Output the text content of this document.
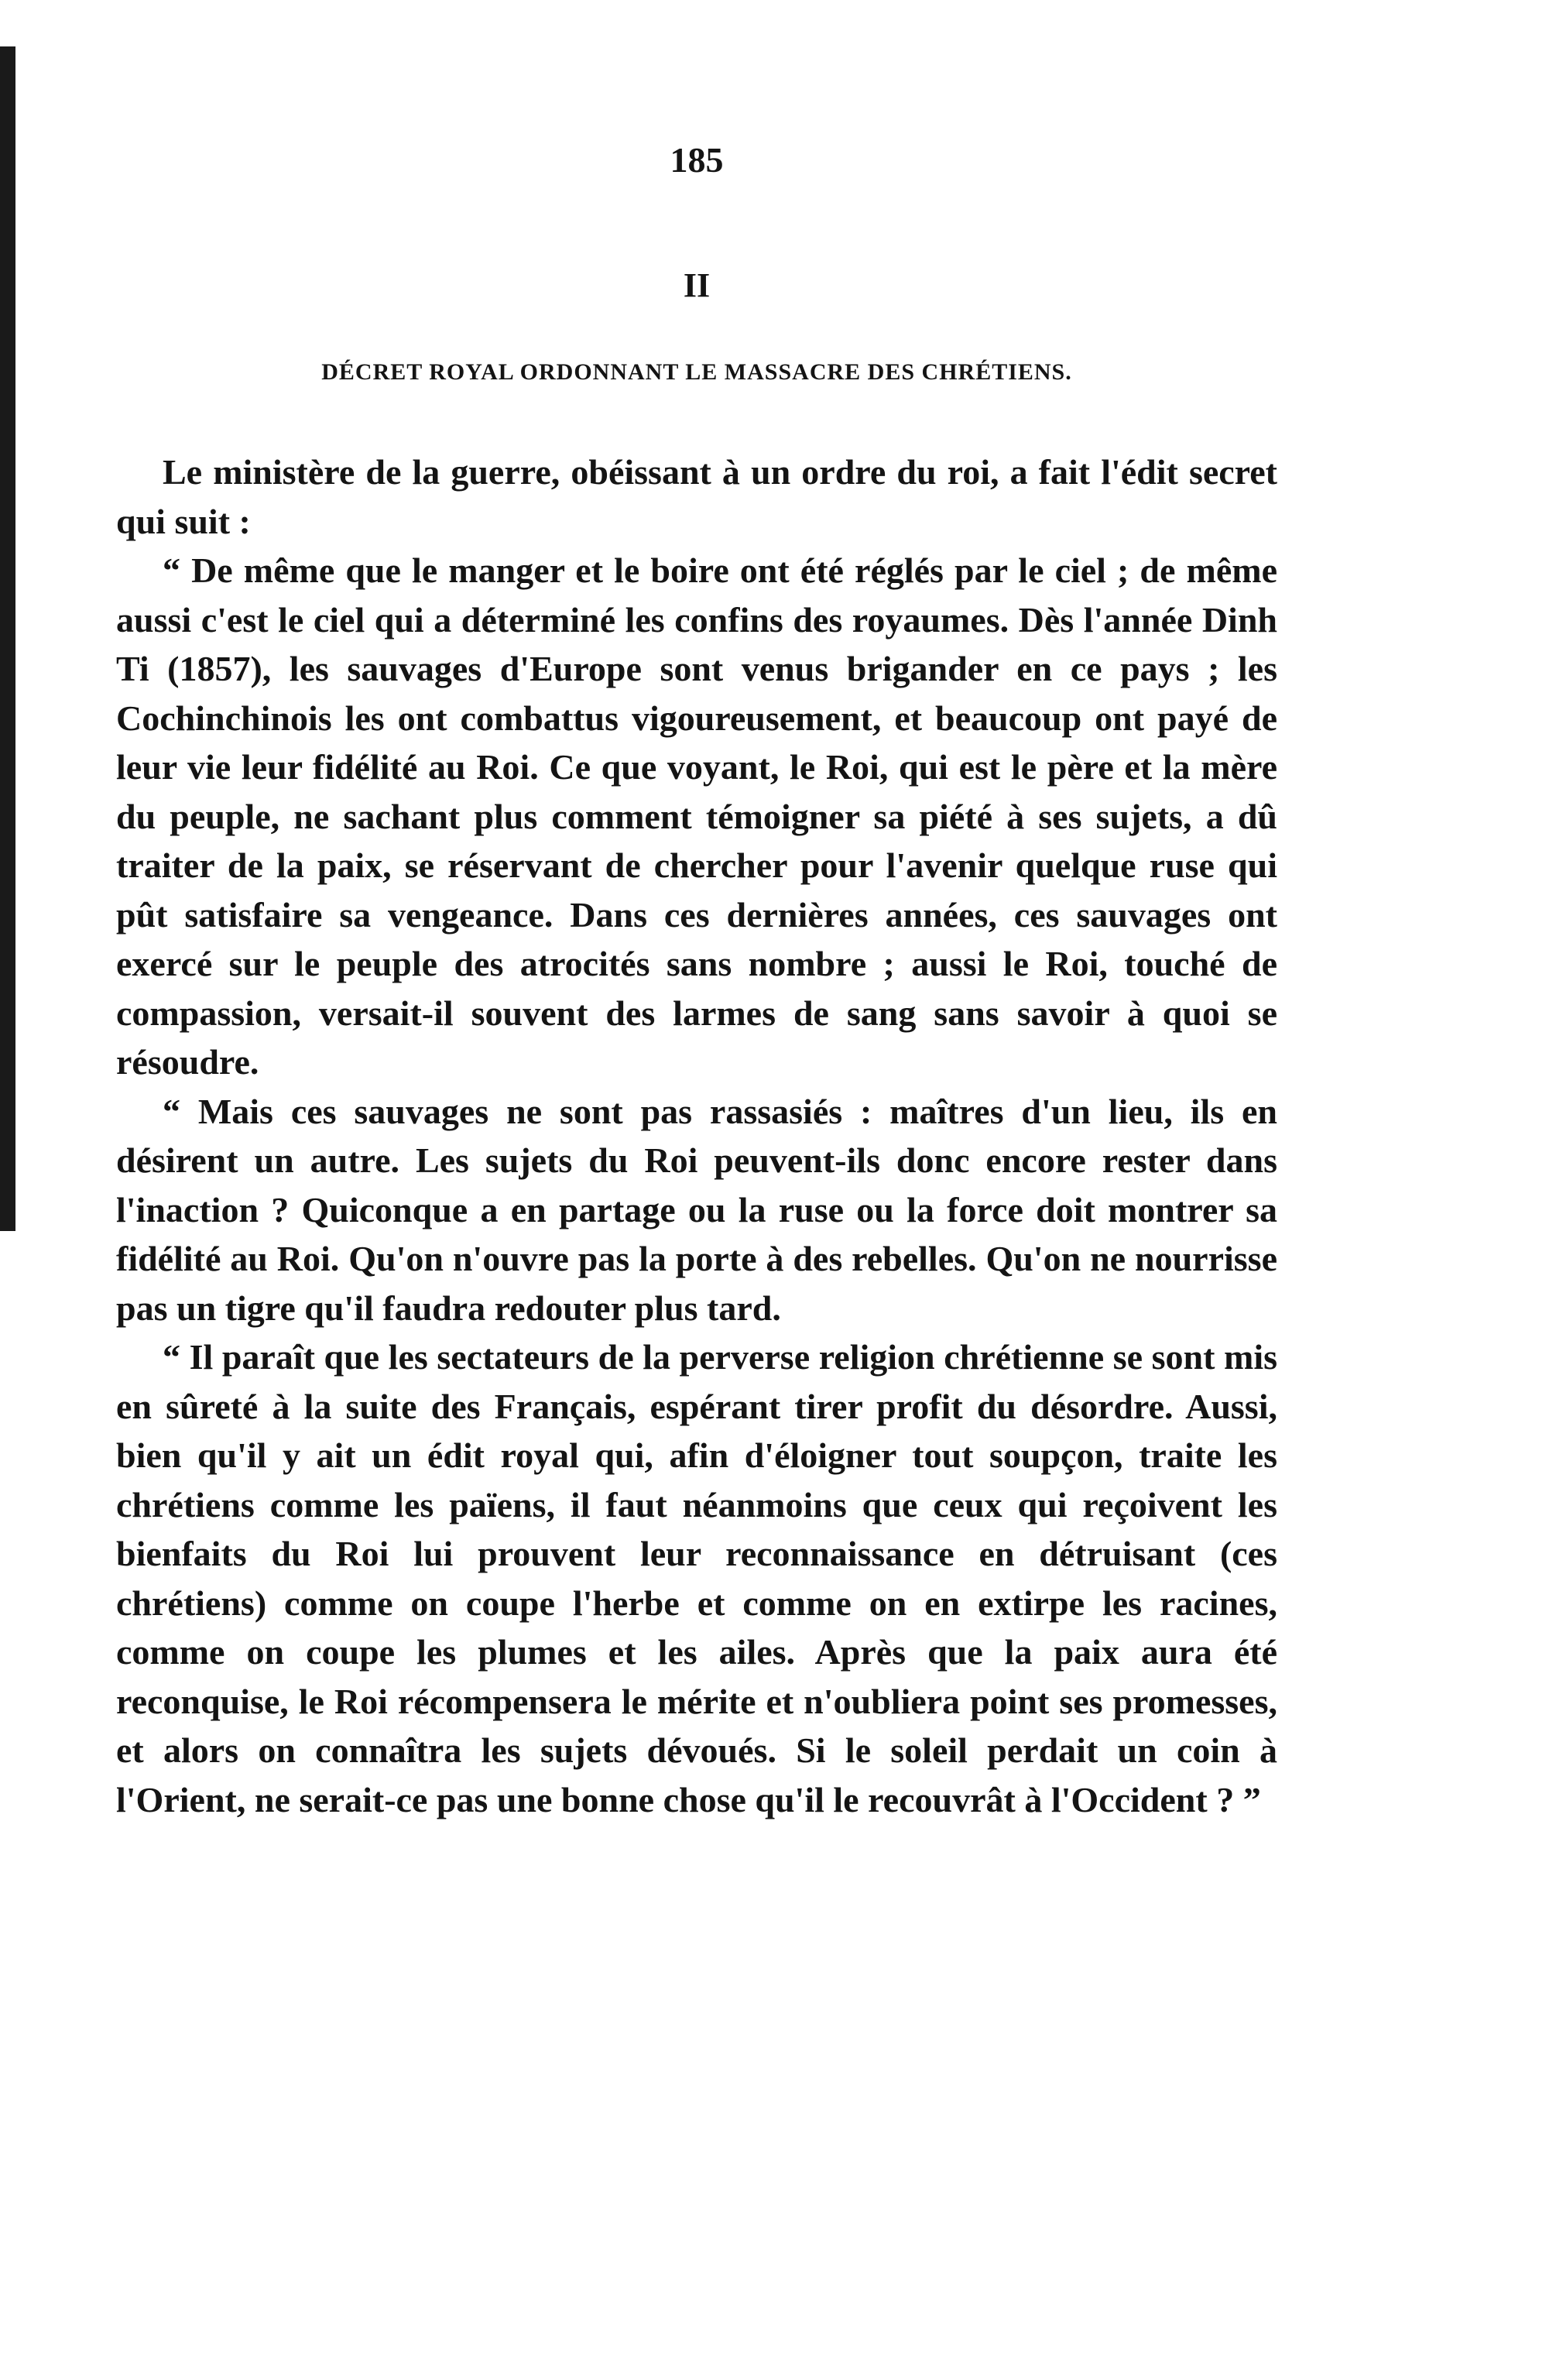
185
II
DÉCRET ROYAL ORDONNANT LE MASSACRE DES CHRÉTIENS.

Le ministère de la guerre, obéissant à un ordre du roi, a fait l'édit secret qui suit :

“ De même que le manger et le boire ont été réglés par le ciel ; de même aussi c'est le ciel qui a déterminé les confins des royaumes. Dès l'année Dinh Ti (1857), les sauvages d'Europe sont venus brigander en ce pays ; les Cochinchinois les ont combattus vigoureusement, et beaucoup ont payé de leur vie leur fidélité au Roi. Ce que voyant, le Roi, qui est le père et la mère du peuple, ne sachant plus comment témoigner sa piété à ses sujets, a dû traiter de la paix, se réservant de chercher pour l'avenir quelque ruse qui pût satisfaire sa vengeance. Dans ces dernières années, ces sauvages ont exercé sur le peuple des atrocités sans nombre ; aussi le Roi, touché de compassion, versait-il souvent des larmes de sang sans savoir à quoi se résoudre.

“ Mais ces sauvages ne sont pas rassasiés : maîtres d'un lieu, ils en désirent un autre. Les sujets du Roi peuvent-ils donc encore rester dans l'inaction ? Quiconque a en partage ou la ruse ou la force doit montrer sa fidélité au Roi. Qu'on n'ouvre pas la porte à des rebelles. Qu'on ne nourrisse pas un tigre qu'il faudra redouter plus tard.

“ Il paraît que les sectateurs de la perverse religion chrétienne se sont mis en sûreté à la suite des Français, espérant tirer profit du désordre. Aussi, bien qu'il y ait un édit royal qui, afin d'éloigner tout soupçon, traite les chrétiens comme les païens, il faut néanmoins que ceux qui reçoivent les bienfaits du Roi lui prouvent leur reconnaissance en détruisant (ces chrétiens) comme on coupe l'herbe et comme on en extirpe les racines, comme on coupe les plumes et les ailes. Après que la paix aura été reconquise, le Roi récompensera le mérite et n'oubliera point ses promesses, et alors on connaîtra les sujets dévoués. Si le soleil perdait un coin à l'Orient, ne serait-ce pas une bonne chose qu'il le recouvrât à l'Occident ? ”
